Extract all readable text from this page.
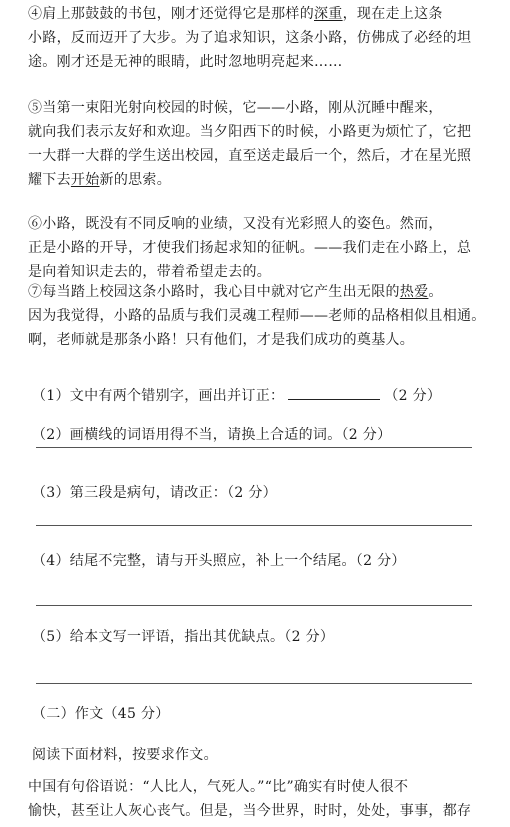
④肩上那鼓鼓的书包，刚才还觉得它是那样的深重，现在走上这条
小路，反而迈开了大步。为了追求知识，这条小路，仿佛成了必经的坦
途。刚才还是无神的眼睛，此时忽地明亮起来……
⑤当第一束阳光射向校园的时候，它——小路，刚从沉睡中醒来，
就向我们表示友好和欢迎。当夕阳西下的时候，小路更为烦忙了，它把
一大群一大群的学生送出校园，直至送走最后一个，然后，才在星光照
耀下去开始新的思索。
⑥小路，既没有不同反响的业绩，又没有光彩照人的姿色。然而，
正是小路的开导，才使我们扬起求知的征帆。——我们走在小路上，总
是向着知识走去的，带着希望走去的。
⑦每当踏上校园这条小路时，我心目中就对它产生出无限的热爱。
因为我觉得，小路的品质与我们灵魂工程师——老师的品格相似且相通。
啊，老师就是那条小路！只有他们，才是我们成功的奠基人。
（1）文中有两个错别字，画出并订正：	（2 分）
（2）画横线的词语用得不当，请换上合适的词。（2 分）
（3）第三段是病句，请改正：（2 分）
（4）结尾不完整，请与开头照应，补上一个结尾。（2 分）
（5）给本文写一评语，指出其优缺点。（2 分）
（二）作文（45 分）
阅读下面材料，按要求作文。
中国有句俗语说：“人比人，气死人。”“比”确实有时使人很不
愉快，甚至让人灰心丧气。但是，当今世界，时时，处处，事事，都存
